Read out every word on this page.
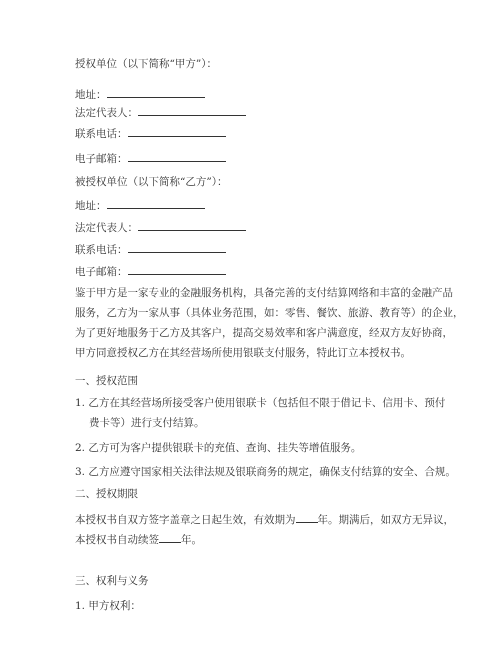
授权单位（以下简称“甲方”）：
地址：
法定代表人：
联系电话：
电子邮箱：
被授权单位（以下简称“乙方”）：
地址：
法定代表人：
联系电话：
电子邮箱：
鉴于甲方是一家专业的金融服务机构，具备完善的支付结算网络和丰富的金融产品
服务，乙方为一家从事（具体业务范围，如：零售、餐饮、旅游、教育等）的企业，
为了更好地服务于乙方及其客户，提高交易效率和客户满意度，经双方友好协商，
甲方同意授权乙方在其经营场所使用银联支付服务，特此订立本授权书。
一、授权范围
1. 乙方在其经营场所接受客户使用银联卡（包括但不限于借记卡、信用卡、预付
费卡等）进行支付结算。
2. 乙方可为客户提供银联卡的充值、查询、挂失等增值服务。
3. 乙方应遵守国家相关法律法规及银联商务的规定，确保支付结算的安全、合规。
二、授权期限
本授权书自双方签字盖章之日起生效，有效期为 年。期满后，如双方无异议，
本授权书自动续签 年。
三、权利与义务
1. 甲方权利：
